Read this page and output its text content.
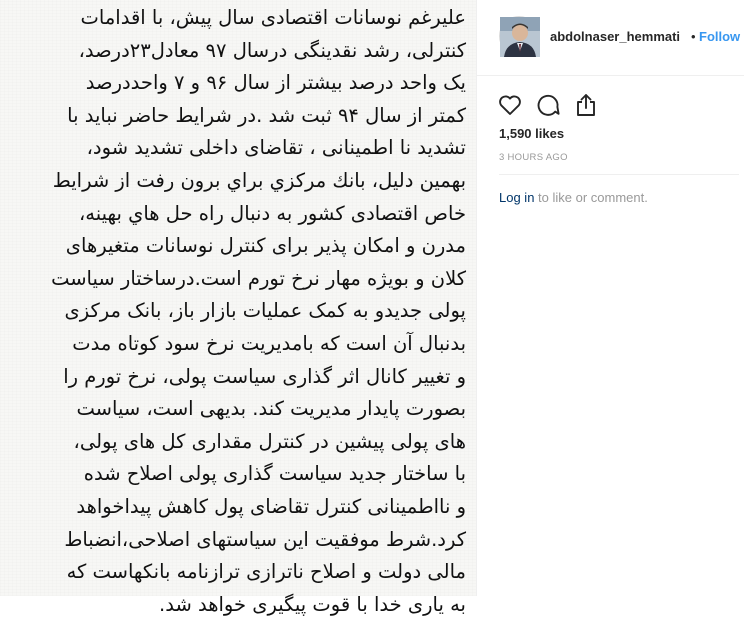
علیرغم نوسانات اقتصادی سال پیش، با اقدامات
کنترلی، رشد نقدینگی درسال ۹۷ معادل۲۳درصد،
یک واحد درصد بیشتر از سال ۹۶ و ۷ واحددرصد
کمتر از سال ۹۴ ثبت شد .در شرایط حاضر نباید با
تشدید نا اطمینانی ، تقاضای داخلی تشدید شود،
بهمین دلیل، بانك مركزي براي برون رفت از شرايط
خاص اقتصادی کشور به دنبال راه حل هاي بهينه،
مدرن و امکان پذیر برای کنترل نوسانات متغیرهای
کلان و بویژه مهار نرخ تورم است.درساختار سیاست
پولی جدیدو به کمک عملیات بازار باز، بانک مرکزی
بدنبال آن است که بامدیریت نرخ سود کوتاه مدت
و تغییر کانال اثر گذاری سیاست پولی، نرخ تورم را
بصورت پایدار مدیریت کند. بدیهی است، سیاست
های پولی پیشین در کنترل مقداری کل های پولی،
با ساختار جدید سیاست گذاری پولی اصلاح شده
و نااطمینانی کنترل تقاضای پول کاهش پیداخواهد
کرد.شرط موفقیت این سیاستهای اصلاحی،انضباط
مالی دولت و اصلاح ناترازی ترازنامه بانکهاست که
به یاری خدا با قوت پیگیری خواهد شد.
abdolnaser_hemmati • Follow
1,590 likes
3 HOURS AGO
Log in to like or comment.
